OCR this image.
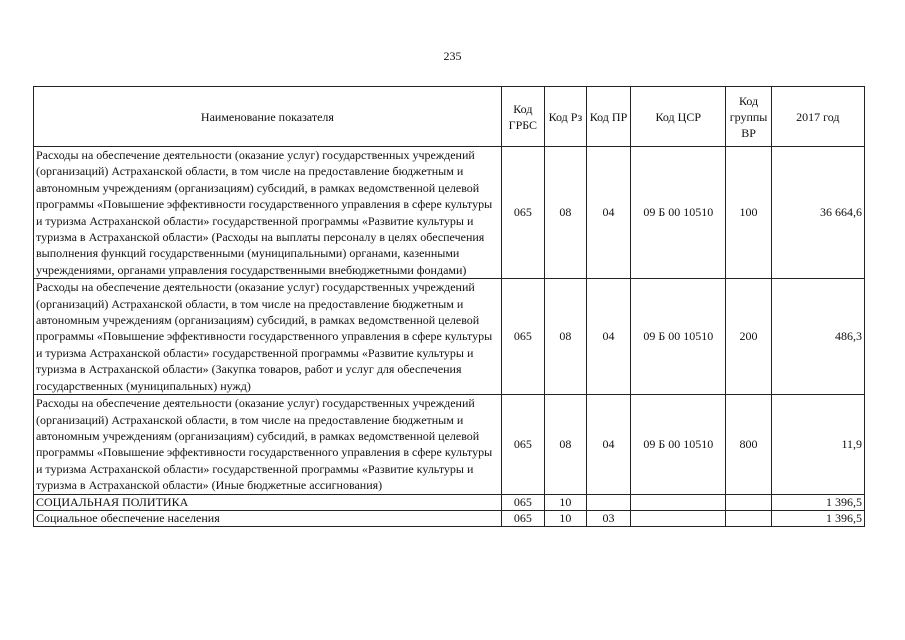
235
Наименование показателя	Код ГРБС	Код Рз	Код ПР	Код ЦСР	Код группы ВР	2017 год
Расходы на обеспечение деятельности (оказание услуг) государственных учреждений (организаций) Астраханской области, в том числе на предоставление бюджетным и автономным учреждениям (организациям) субсидий, в рамках ведомственной целевой программы «Повышение эффективности государственного управления в сфере культуры и туризма Астраханской области» государственной программы «Развитие культуры и туризма в Астраханской области» (Расходы на выплаты персоналу в целях обеспечения выполнения функций государственными (муниципальными) органами, казенными учреждениями, органами управления государственными внебюджетными фондами)	065	08	04	09 Б 00 10510	100	36 664,6
Расходы на обеспечение деятельности (оказание услуг) государственных учреждений (организаций) Астраханской области, в том числе на предоставление бюджетным и автономным учреждениям (организациям) субсидий, в рамках ведомственной целевой программы «Повышение эффективности государственного управления в сфере культуры и туризма Астраханской области» государственной программы «Развитие культуры и туризма в Астраханской области» (Закупка товаров, работ и услуг для обеспечения государственных (муниципальных) нужд)	065	08	04	09 Б 00 10510	200	486,3
Расходы на обеспечение деятельности (оказание услуг) государственных учреждений (организаций) Астраханской области, в том числе на предоставление бюджетным и автономным учреждениям (организациям) субсидий, в рамках ведомственной целевой программы «Повышение эффективности государственного управления в сфере культуры и туризма Астраханской области» государственной программы «Развитие культуры и туризма в Астраханской области» (Иные бюджетные ассигнования)	065	08	04	09 Б 00 10510	800	11,9
СОЦИАЛЬНАЯ ПОЛИТИКА	065	10				1 396,5
Социальное обеспечение населения	065	10	03			1 396,5
